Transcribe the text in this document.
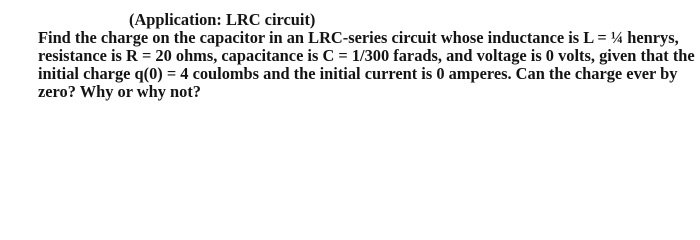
(Application: LRC circuit)
Find the charge on the capacitor in an LRC-series circuit whose inductance is L = ¼ henrys,
resistance is R = 20 ohms, capacitance is C = 1/300 farads, and voltage is 0 volts, given that the
initial charge q(0) = 4 coulombs and the initial current is 0 amperes. Can the charge ever by
zero? Why or why not?
